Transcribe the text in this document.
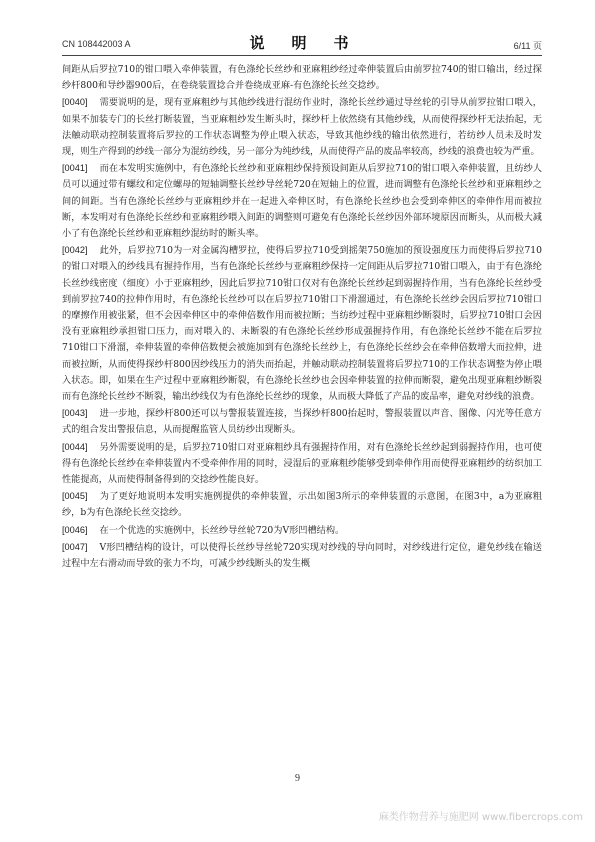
CN 108442003 A	说　明　书	6/11 页

间距从后罗拉710的钳口喂入牵伸装置，有色涤纶长丝纱和亚麻粗纱经过牵伸装置后由前罗拉740的钳口输出，经过探纱杆800和导纱器900后，在卷绕装置捻合并卷绕成亚麻-有色涤纶长丝交捻纱。

[0040] 需要说明的是，现有亚麻粗纱与其他纱线进行混纺作业时，涤纶长丝纱通过导丝轮的引导从前罗拉钳口喂入，如果不加装专门的长丝打断装置，当亚麻粗纱发生断头时，探纱杆上依然绕有其他纱线，从而使得探纱杆无法抬起，无法触动联动控制装置将后罗拉的工作状态调整为停止喂入状态，导致其他纱线的输出依然进行，若纺纱人员未及时发现，则生产得到的纱线一部分为混纺纱线，另一部分为纯纱线，从而使得产品的废品率较高，纱线的浪费也较为严重。

[0041] 而在本发明实施例中，有色涤纶长丝纱和亚麻粗纱保持预设间距从后罗拉710的钳口喂入牵伸装置，且纺纱人员可以通过带有螺纹和定位螺母的短轴调整长丝纱导丝轮720在短轴上的位置，进而调整有色涤纶长丝纱和亚麻粗纱之间的间距。当有色涤纶长丝纱与亚麻粗纱并在一起进入牵伸区时，有色涤纶长丝纱也会受到牵伸区的牵伸作用而被拉断，本发明对有色涤纶长丝纱和亚麻粗纱喂入间距的调整则可避免有色涤纶长丝纱因外部环境原因而断头，从而极大减小了有色涤纶长丝纱和亚麻粗纱混纺时的断头率。

[0042] 此外，后罗拉710为一对金属沟槽罗拉，使得后罗拉710受到摇架750施加的预设强度压力而使得后罗拉710的钳口对喂入的纱线具有握持作用，当有色涤纶长丝纱与亚麻粗纱保持一定间距从后罗拉710钳口喂入，由于有色涤纶长丝纱线密度（细度）小于亚麻粗纱，因此后罗拉710钳口仅对有色涤纶长丝纱起到弱握持作用，当有色涤纶长丝纱受到前罗拉740的拉伸作用时，有色涤纶长丝纱可以在后罗拉710钳口下滑溜通过，有色涤纶长丝纱会因后罗拉710钳口的摩擦作用被张紧，但不会因牵伸区中的牵伸倍数作用而被拉断；当纺纱过程中亚麻粗纱断裂时，后罗拉710钳口会因没有亚麻粗纱承担钳口压力，而对喂入的、未断裂的有色涤纶长丝纱形成强握持作用，有色涤纶长丝纱不能在后罗拉710钳口下滑溜，牵伸装置的牵伸倍数便会被施加到有色涤纶长丝纱上，有色涤纶长丝纱会在牵伸倍数增大而拉伸，进而被拉断，从而使得探纱杆800因纱线压力的消失而抬起，并触动联动控制装置将后罗拉710的工作状态调整为停止喂入状态。即，如果在生产过程中亚麻粗纱断裂，有色涤纶长丝纱也会因牵伸装置的拉伸而断裂，避免出现亚麻粗纱断裂而有色涤纶长丝纱不断裂，输出纱线仅为有色涤纶长丝纱的现象，从而极大降低了产品的废品率，避免对纱线的浪费。

[0043] 进一步地，探纱杆800还可以与警报装置连接，当探纱杆800抬起时，警报装置以声音、图像、闪光等任意方式的组合发出警报信息，从而提醒监管人员纺纱出现断头。

[0044] 另外需要说明的是，后罗拉710钳口对亚麻粗纱具有强握持作用，对有色涤纶长丝纱起到弱握持作用，也可使得有色涤纶长丝纱在牵伸装置内不受牵伸作用的同时，浸湿后的亚麻粗纱能够受到牵伸作用而使得亚麻粗纱的纺织加工性能提高，从而使得制备得到的交捻纱性能良好。

[0045] 为了更好地说明本发明实施例提供的牵伸装置，示出如图3所示的牵伸装置的示意图，在图3中，a为亚麻粗纱，b为有色涤纶长丝交捻纱。

[0046] 在一个优选的实施例中，长丝纱导丝轮720为V形凹槽结构。

[0047] V形凹槽结构的设计，可以使得长丝纱导丝轮720实现对纱线的导向同时，对纱线进行定位，避免纱线在输送过程中左右滑动而导致的张力不均，可减少纱线断头的发生概

9
麻类作物营养与施肥网 www.fibercrops.com
